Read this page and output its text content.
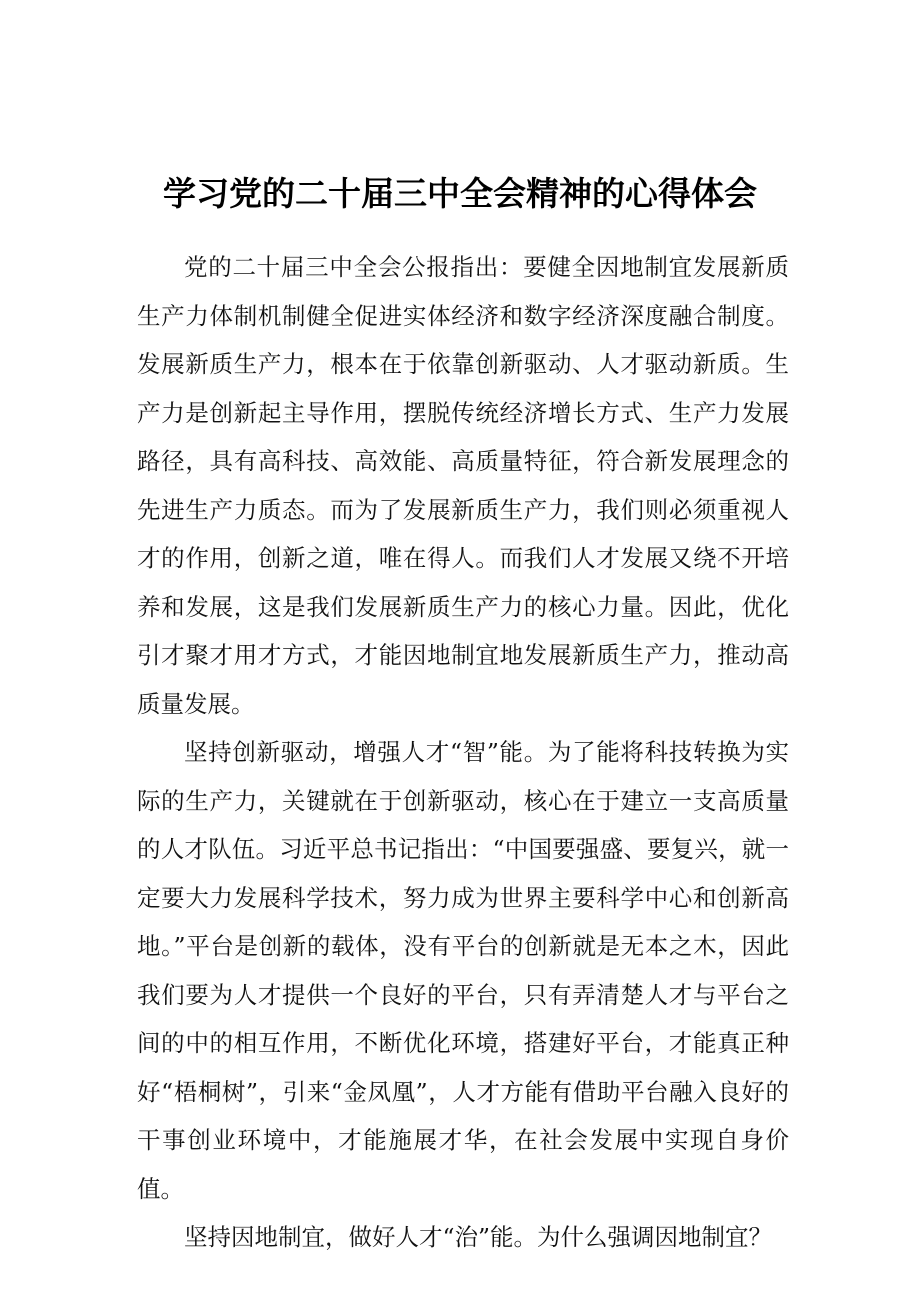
学习党的二十届三中全会精神的心得体会

党的二十届三中全会公报指出：要健全因地制宜发展新质生产力体制机制健全促进实体经济和数字经济深度融合制度。发展新质生产力，根本在于依靠创新驱动、人才驱动新质。生产力是创新起主导作用，摆脱传统经济增长方式、生产力发展路径，具有高科技、高效能、高质量特征，符合新发展理念的先进生产力质态。而为了发展新质生产力，我们则必须重视人才的作用，创新之道，唯在得人。而我们人才发展又绕不开培养和发展，这是我们发展新质生产力的核心力量。因此，优化引才聚才用才方式，才能因地制宜地发展新质生产力，推动高质量发展。

坚持创新驱动，增强人才“智”能。为了能将科技转换为实际的生产力，关键就在于创新驱动，核心在于建立一支高质量的人才队伍。习近平总书记指出：“中国要强盛、要复兴，就一定要大力发展科学技术，努力成为世界主要科学中心和创新高地。”平台是创新的载体，没有平台的创新就是无本之木，因此我们要为人才提供一个良好的平台，只有弄清楚人才与平台之间的中的相互作用，不断优化环境，搭建好平台，才能真正种好“梧桐树”，引来“金凤凰”，人才方能有借助平台融入良好的干事创业环境中，才能施展才华，在社会发展中实现自身价值。

坚持因地制宜，做好人才“治”能。为什么强调因地制宜？
